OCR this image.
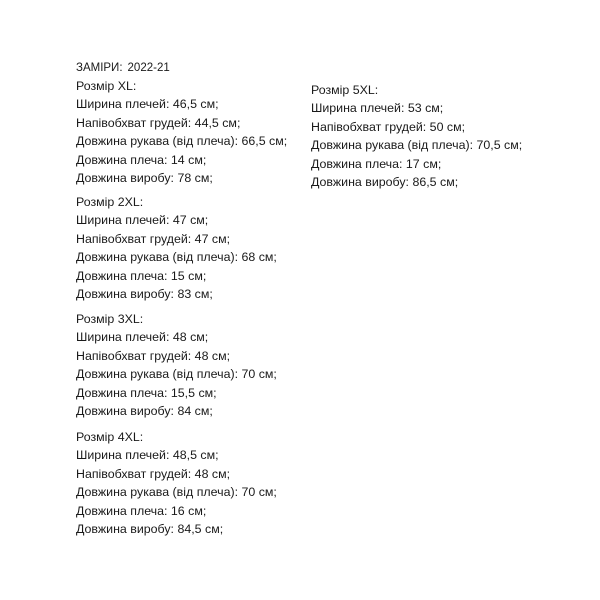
ЗАМІРИ: 2022-21
Розмір XL:
Ширина плечей: 46,5 см;
Напівобхват грудей: 44,5 см;
Довжина рукава (від плеча): 66,5 см;
Довжина плеча: 14 см;
Довжина виробу: 78 см;
Розмір 2XL:
Ширина плечей: 47 см;
Напівобхват грудей: 47 см;
Довжина рукава (від плеча): 68 см;
Довжина плеча: 15 см;
Довжина виробу: 83 см;
Розмір 3XL:
Ширина плечей: 48 см;
Напівобхват грудей: 48 см;
Довжина рукава (від плеча): 70 см;
Довжина плеча: 15,5 см;
Довжина виробу: 84 см;
Розмір 4XL:
Ширина плечей: 48,5 см;
Напівобхват грудей: 48 см;
Довжина рукава (від плеча): 70 см;
Довжина плеча: 16 см;
Довжина виробу: 84,5 см;
Розмір 5XL:
Ширина плечей: 53 см;
Напівобхват грудей: 50 см;
Довжина рукава (від плеча): 70,5 см;
Довжина плеча: 17 см;
Довжина виробу: 86,5 см;
